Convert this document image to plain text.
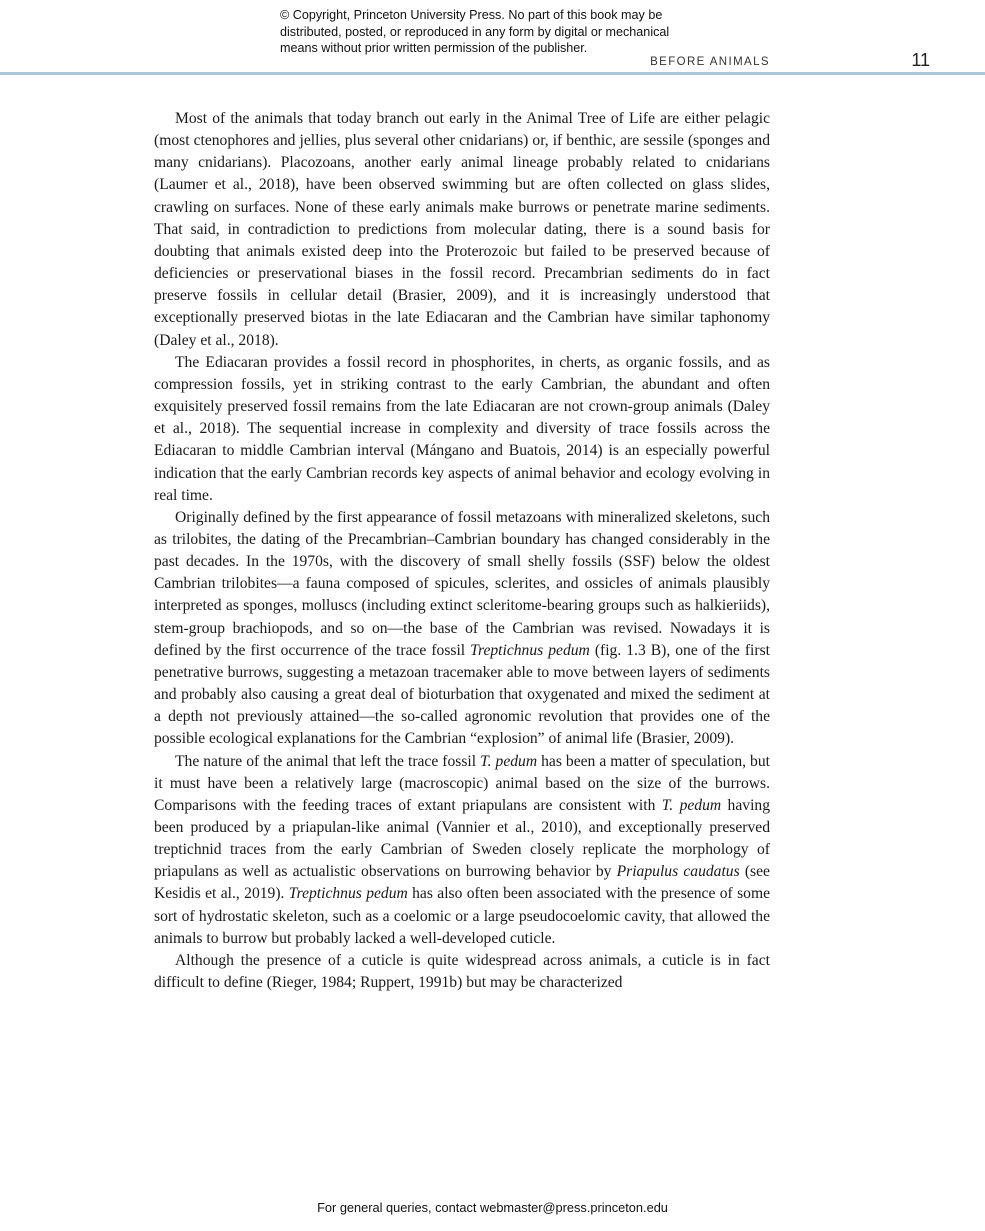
© Copyright, Princeton University Press. No part of this book may be
distributed, posted, or reproduced in any form by digital or mechanical
means without prior written permission of the publisher.
BEFORE ANIMALS	11

Most of the animals that today branch out early in the Animal Tree of Life are either pelagic (most ctenophores and jellies, plus several other cnidarians) or, if benthic, are sessile (sponges and many cnidarians). Placozoans, another early animal lineage probably related to cnidarians (Laumer et al., 2018), have been observed swimming but are often collected on glass slides, crawling on surfaces. None of these early animals make burrows or penetrate marine sediments. That said, in contradiction to predictions from molecular dating, there is a sound basis for doubting that animals existed deep into the Proterozoic but failed to be preserved because of deficiencies or preservational biases in the fossil record. Precambrian sediments do in fact preserve fossils in cellular detail (Brasier, 2009), and it is increasingly understood that exceptionally preserved biotas in the late Ediacaran and the Cambrian have similar taphonomy (Daley et al., 2018).

The Ediacaran provides a fossil record in phosphorites, in cherts, as organic fossils, and as compression fossils, yet in striking contrast to the early Cambrian, the abundant and often exquisitely preserved fossil remains from the late Ediacaran are not crown-group animals (Daley et al., 2018). The sequential increase in complexity and diversity of trace fossils across the Ediacaran to middle Cambrian interval (Mángano and Buatois, 2014) is an especially powerful indication that the early Cambrian records key aspects of animal behavior and ecology evolving in real time.

Originally defined by the first appearance of fossil metazoans with mineralized skeletons, such as trilobites, the dating of the Precambrian–Cambrian boundary has changed considerably in the past decades. In the 1970s, with the discovery of small shelly fossils (SSF) below the oldest Cambrian trilobites—a fauna composed of spicules, sclerites, and ossicles of animals plausibly interpreted as sponges, molluscs (including extinct scleritome-bearing groups such as halkieriids), stem-group brachiopods, and so on—the base of the Cambrian was revised. Nowadays it is defined by the first occurrence of the trace fossil Treptichnus pedum (fig. 1.3 B), one of the first penetrative burrows, suggesting a metazoan tracemaker able to move between layers of sediments and probably also causing a great deal of bioturbation that oxygenated and mixed the sediment at a depth not previously attained—the so-called agronomic revolution that provides one of the possible ecological explanations for the Cambrian “explosion” of animal life (Brasier, 2009).

The nature of the animal that left the trace fossil T. pedum has been a matter of speculation, but it must have been a relatively large (macroscopic) animal based on the size of the burrows. Comparisons with the feeding traces of extant priapulans are consistent with T. pedum having been produced by a priapulan-like animal (Vannier et al., 2010), and exceptionally preserved treptichnid traces from the early Cambrian of Sweden closely replicate the morphology of priapulans as well as actualistic observations on burrowing behavior by Priapulus caudatus (see Kesidis et al., 2019). Treptichnus pedum has also often been associated with the presence of some sort of hydrostatic skeleton, such as a coelomic or a large pseudocoelomic cavity, that allowed the animals to burrow but probably lacked a well-developed cuticle.

Although the presence of a cuticle is quite widespread across animals, a cuticle is in fact difficult to define (Rieger, 1984; Ruppert, 1991b) but may be characterized

For general queries, contact webmaster@press.princeton.edu
